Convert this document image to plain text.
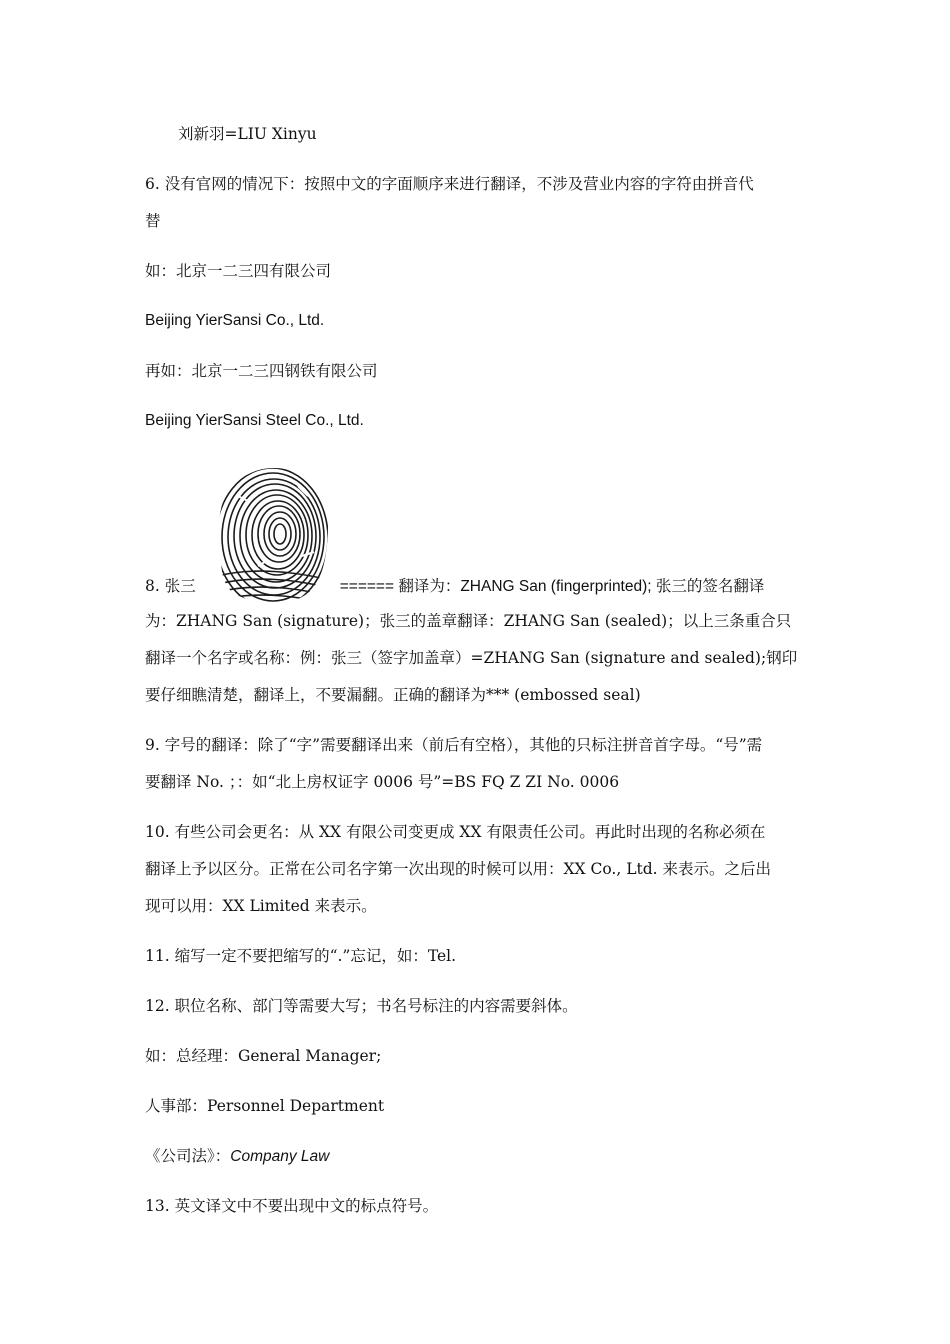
刘新羽=LIU Xinyu
6. 没有官网的情况下：按照中文的字面顺序来进行翻译，不涉及营业内容的字符由拼音代
替
如：北京一二三四有限公司
Beijing YierSansi Co., Ltd.
再如：北京一二三四钢铁有限公司
Beijing YierSansi Steel Co., Ltd.
8. 张三	====== 翻译为：ZHANG San (fingerprinted); 张三的签名翻译
为：ZHANG San (signature)；张三的盖章翻译：ZHANG San (sealed)；以上三条重合只
翻译一个名字或名称：例：张三（签字加盖章）=ZHANG San (signature and sealed);钢印
要仔细瞧清楚，翻译上，不要漏翻。正确的翻译为*** (embossed seal)
9. 字号的翻译：除了“字”需要翻译出来（前后有空格），其他的只标注拼音首字母。“号”需
要翻译 No. ；：如“北上房权证字 0006 号”=BS FQ Z ZI No. 0006
10. 有些公司会更名：从 XX 有限公司变更成 XX 有限责任公司。再此时出现的名称必须在
翻译上予以区分。正常在公司名字第一次出现的时候可以用：XX Co., Ltd. 来表示。之后出
现可以用：XX Limited 来表示。
11. 缩写一定不要把缩写的“.”忘记，如：Tel.
12. 职位名称、部门等需要大写；书名号标注的内容需要斜体。
如：总经理：General Manager;
人事部：Personnel Department
《公司法》：Company Law
13. 英文译文中不要出现中文的标点符号。
